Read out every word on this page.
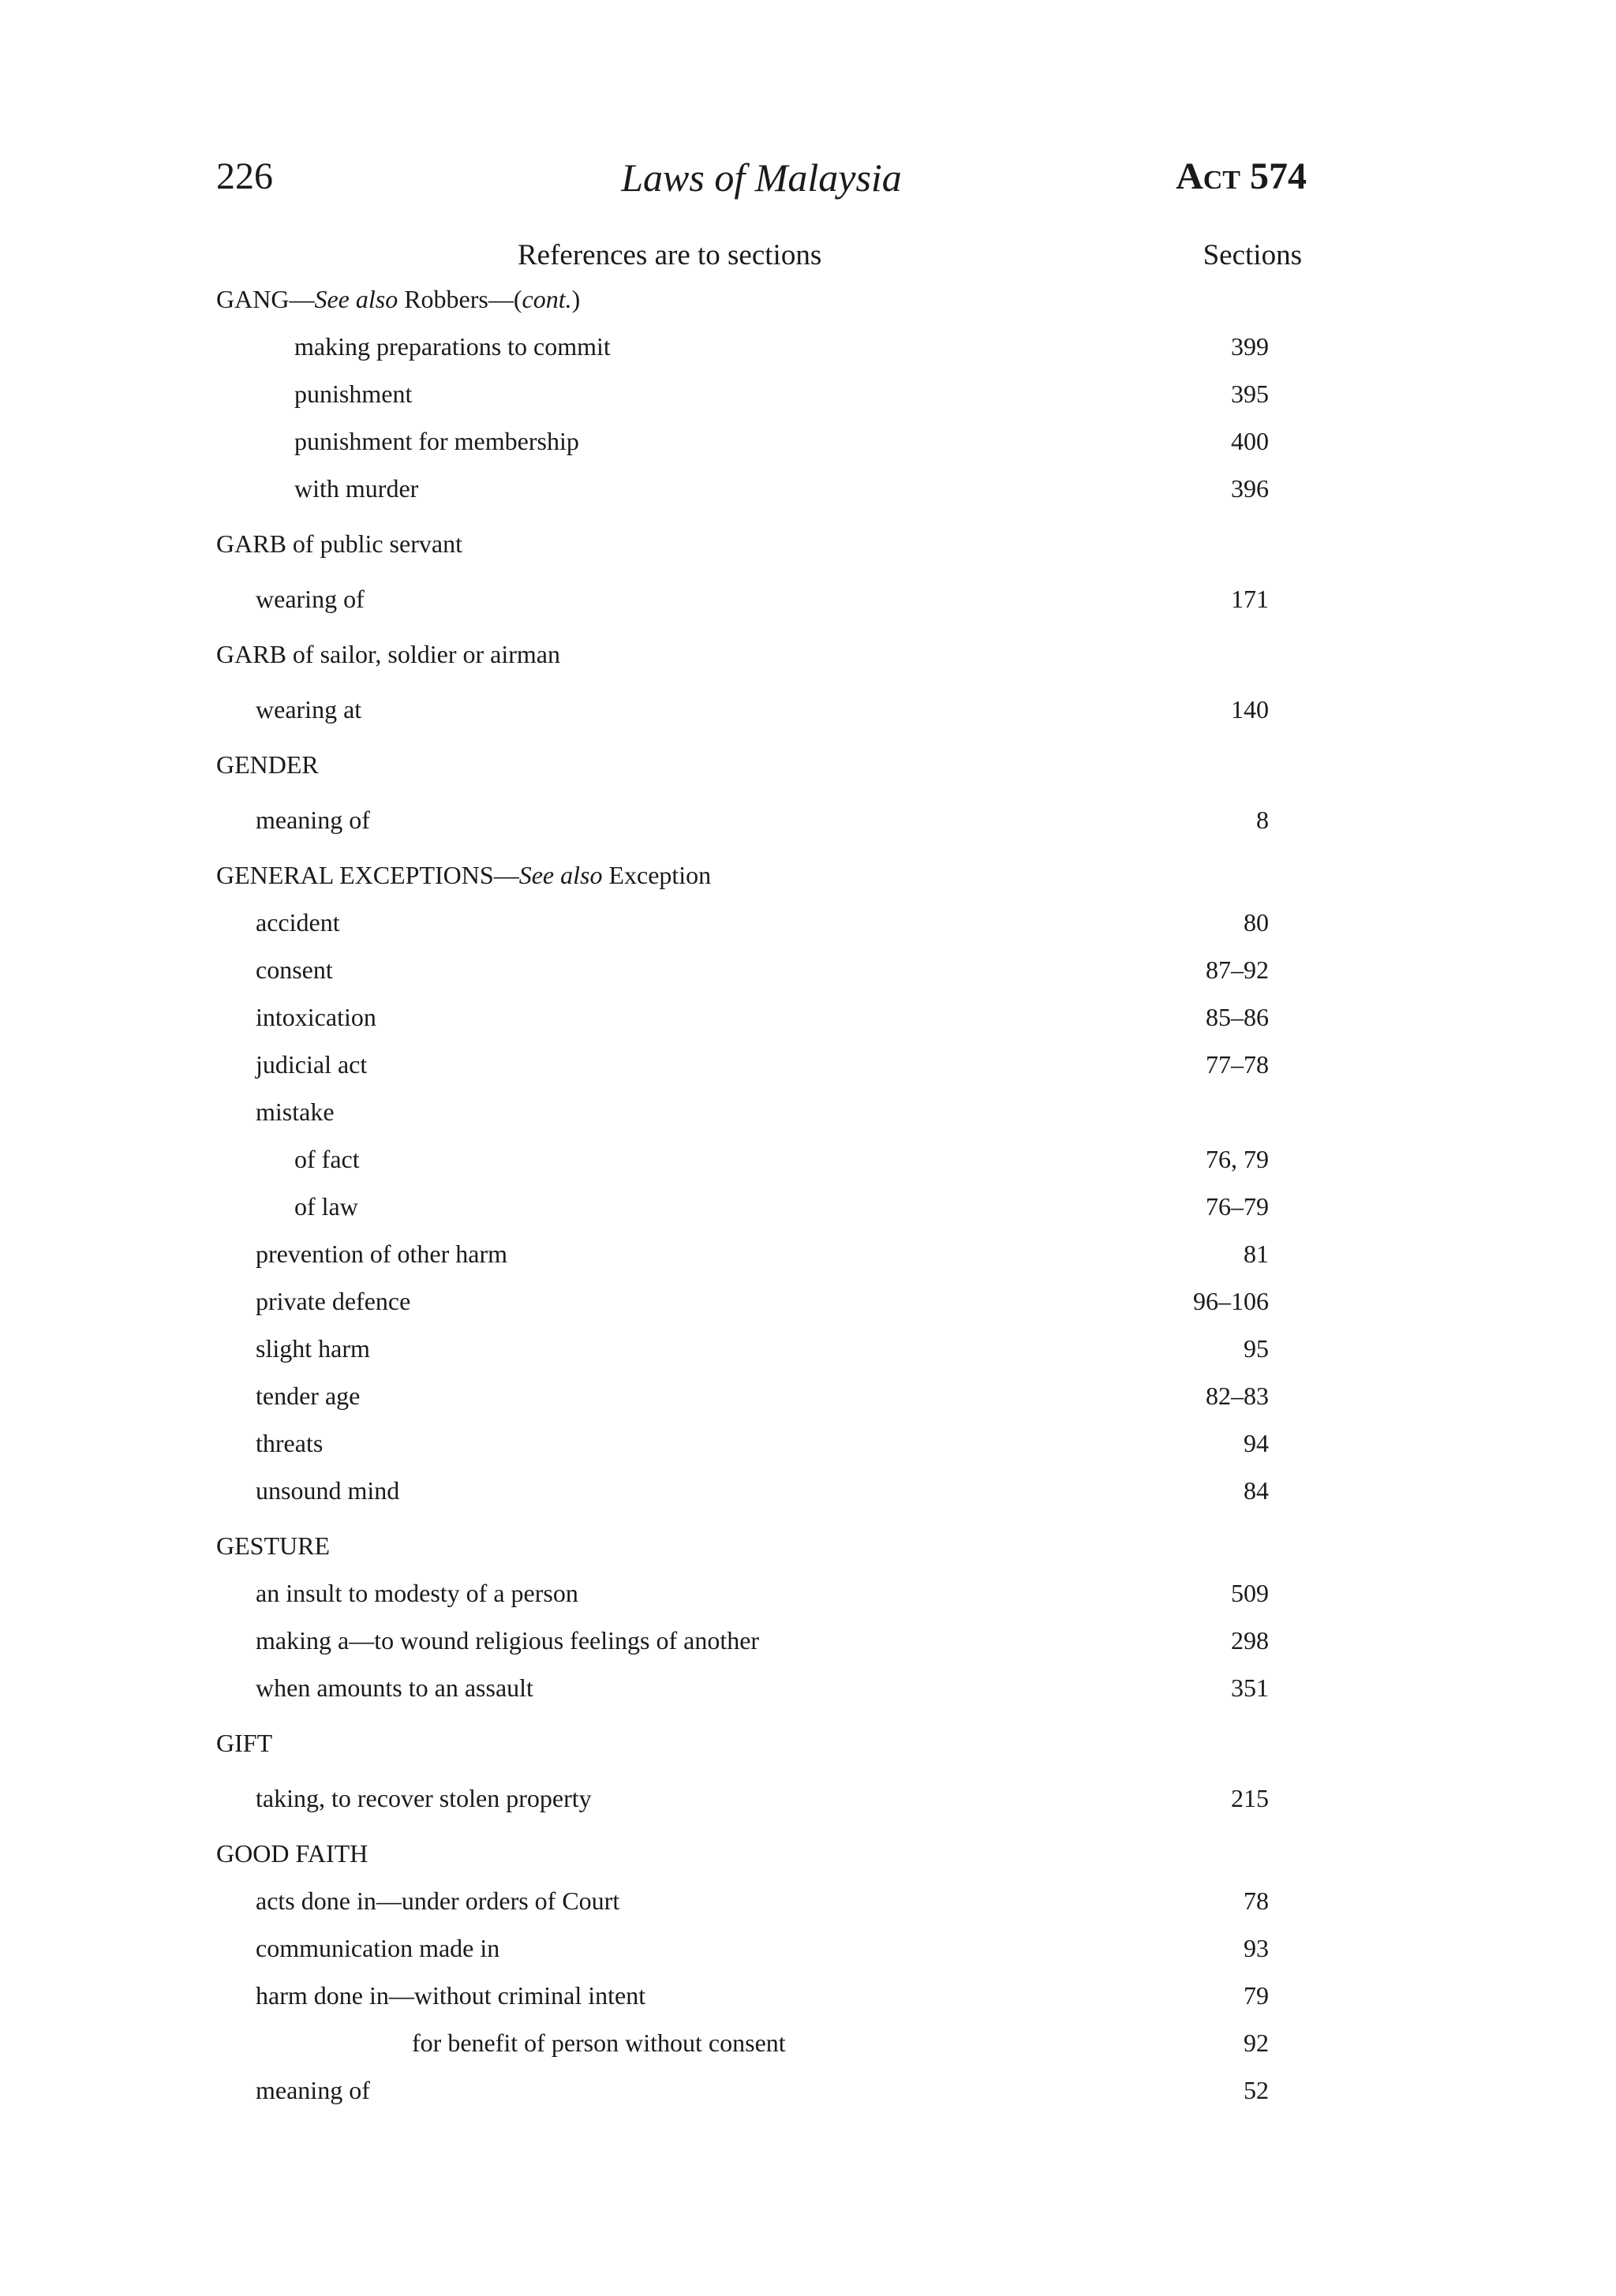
226	Laws of Malaysia	Act 574
References are to sections	Sections
GANG—See also Robbers—(cont.)
making preparations to commit	399
punishment	395
punishment for membership	400
with murder	396
GARB of public servant
wearing of	171
GARB of sailor, soldier or airman
wearing at	140
GENDER
meaning of	8
GENERAL EXCEPTIONS—See also Exception
accident	80
consent	87–92
intoxication	85–86
judicial act	77–78
mistake
of fact	76, 79
of law	76–79
prevention of other harm	81
private defence	96–106
slight harm	95
tender age	82–83
threats	94
unsound mind	84
GESTURE
an insult to modesty of a person	509
making a—to wound religious feelings of another	298
when amounts to an assault	351
GIFT
taking, to recover stolen property	215
GOOD FAITH
acts done in—under orders of Court	78
communication made in	93
harm done in—without criminal intent	79
for benefit of person without consent	92
meaning of	52
